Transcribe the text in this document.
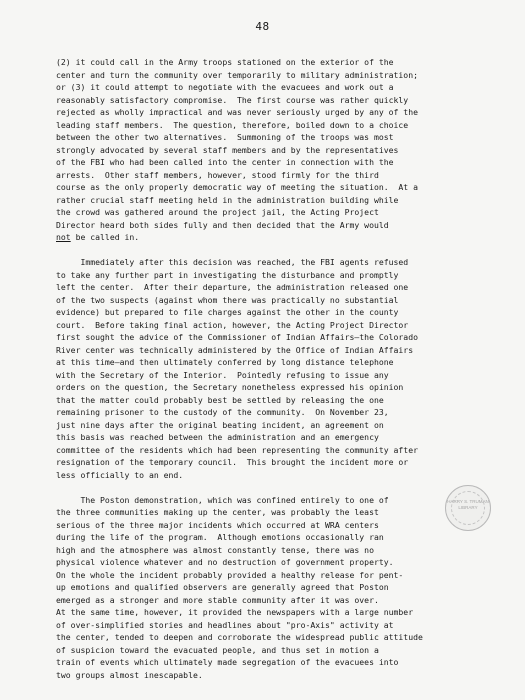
48
(2) it could call in the Army troops stationed on the exterior of the
center and turn the community over temporarily to military administration;
or (3) it could attempt to negotiate with the evacuees and work out a
reasonably satisfactory compromise.  The first course was rather quickly
rejected as wholly impractical and was never seriously urged by any of the
leading staff members.  The question, therefore, boiled down to a choice
between the other two alternatives.  Summoning of the troops was most
strongly advocated by several staff members and by the representatives
of the FBI who had been called into the center in connection with the
arrests.  Other staff members, however, stood firmly for the third
course as the only properly democratic way of meeting the situation.  At a
rather crucial staff meeting held in the administration building while
the crowd was gathered around the project jail, the Acting Project
Director heard both sides fully and then decided that the Army would
not be called in.
Immediately after this decision was reached, the FBI agents refused
to take any further part in investigating the disturbance and promptly
left the center.  After their departure, the administration released one
of the two suspects (against whom there was practically no substantial
evidence) but prepared to file charges against the other in the county
court.  Before taking final action, however, the Acting Project Director
first sought the advice of the Commissioner of Indian Affairs—the Colorado
River center was technically administered by the Office of Indian Affairs
at this time—and then ultimately conferred by long distance telephone
with the Secretary of the Interior.  Pointedly refusing to issue any
orders on the question, the Secretary nonetheless expressed his opinion
that the matter could probably best be settled by releasing the one
remaining prisoner to the custody of the community.  On November 23,
just nine days after the original beating incident, an agreement on
this basis was reached between the administration and an emergency
committee of the residents which had been representing the community after
resignation of the temporary council.  This brought the incident more or
less officially to an end.
The Poston demonstration, which was confined entirely to one of
the three communities making up the center, was probably the least
serious of the three major incidents which occurred at WRA centers
during the life of the program.  Although emotions occasionally ran
high and the atmosphere was almost constantly tense, there was no
physical violence whatever and no destruction of government property.
On the whole the incident probably provided a healthy release for pent-
up emotions and qualified observers are generally agreed that Poston
emerged as a stronger and more stable community after it was over.
At the same time, however, it provided the newspapers with a large number
of over-simplified stories and headlines about "pro-Axis" activity at
the center, tended to deepen and corroborate the widespread public attitude
of suspicion toward the evacuated people, and thus set in motion a
train of events which ultimately made segregation of the evacuees into
two groups almost inescapable.
HARRY S. TRUMAN
LIBRARY
